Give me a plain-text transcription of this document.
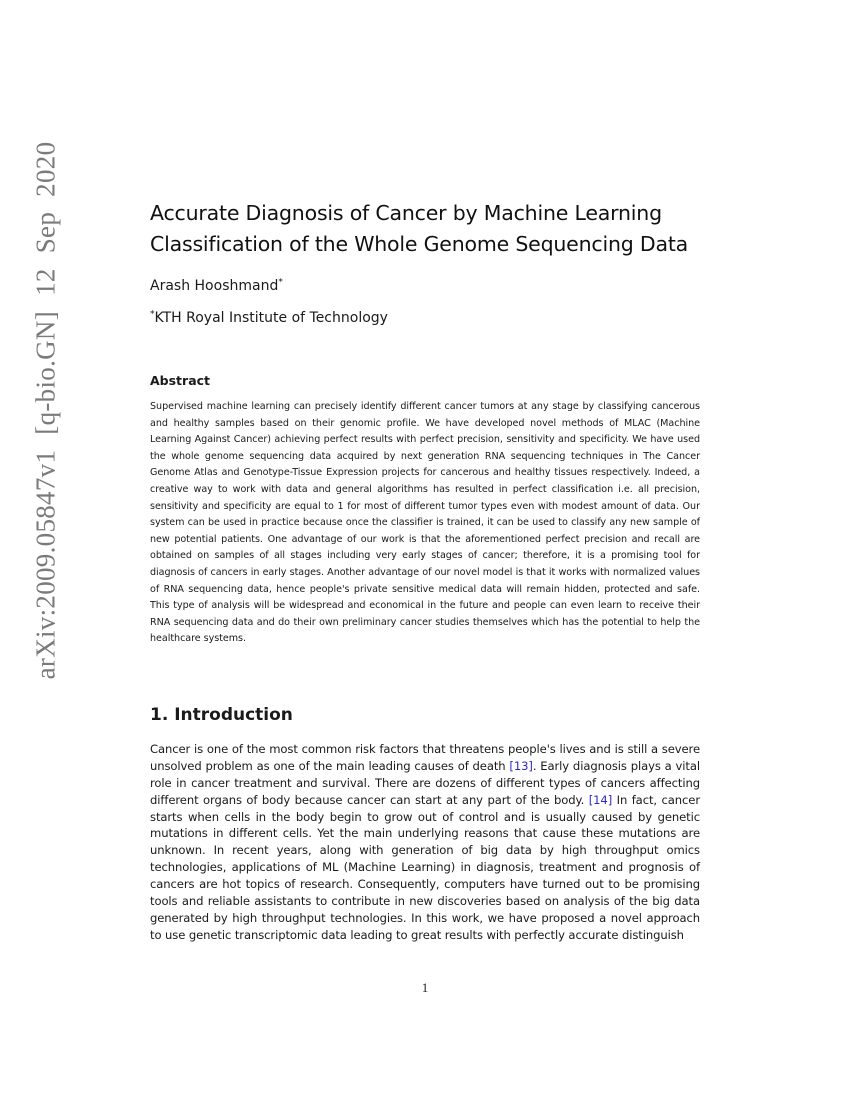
arXiv:2009.05847v1 [q-bio.GN] 12 Sep 2020	Accurate Diagnosis of Cancer by Machine Learning
Classification of the Whole Genome Sequencing Data
Arash Hooshmand*
*KTH Royal Institute of Technology
Abstract

Supervised machine learning can precisely identify different cancer tumors at any stage by classifying cancerous and healthy samples based on their genomic profile. We have developed novel methods of MLAC (Machine Learning Against Cancer) achieving perfect results with perfect precision, sensitivity and specificity. We have used the whole genome sequencing data acquired by next generation RNA sequencing techniques in The Cancer Genome Atlas and Genotype-Tissue Expression projects for cancerous and healthy tissues respectively. Indeed, a creative way to work with data and general algorithms has resulted in perfect classification i.e. all precision, sensitivity and specificity are equal to 1 for most of different tumor types even with modest amount of data. Our system can be used in practice because once the classifier is trained, it can be used to classify any new sample of new potential patients. One advantage of our work is that the aforementioned perfect precision and recall are obtained on samples of all stages including very early stages of cancer; therefore, it is a promising tool for diagnosis of cancers in early stages. Another advantage of our novel model is that it works with normalized values of RNA sequencing data, hence people's private sensitive medical data will remain hidden, protected and safe. This type of analysis will be widespread and economical in the future and people can even learn to receive their RNA sequencing data and do their own preliminary cancer studies themselves which has the potential to help the healthcare systems.

1. Introduction

Cancer is one of the most common risk factors that threatens people's lives and is still a severe unsolved problem as one of the main leading causes of death [13]. Early diagnosis plays a vital role in cancer treatment and survival. There are dozens of different types of cancers affecting different organs of body because cancer can start at any part of the body. [14] In fact, cancer starts when cells in the body begin to grow out of control and is usually caused by genetic mutations in different cells. Yet the main underlying reasons that cause these mutations are unknown. In recent years, along with generation of big data by high throughput omics technologies, applications of ML (Machine Learning) in diagnosis, treatment and prognosis of cancers are hot topics of research. Consequently, computers have turned out to be promising tools and reliable assistants to contribute in new discoveries based on analysis of the big data generated by high throughput technologies. In this work, we have proposed a novel approach to use genetic transcriptomic data leading to great results with perfectly accurate distinguish

1
